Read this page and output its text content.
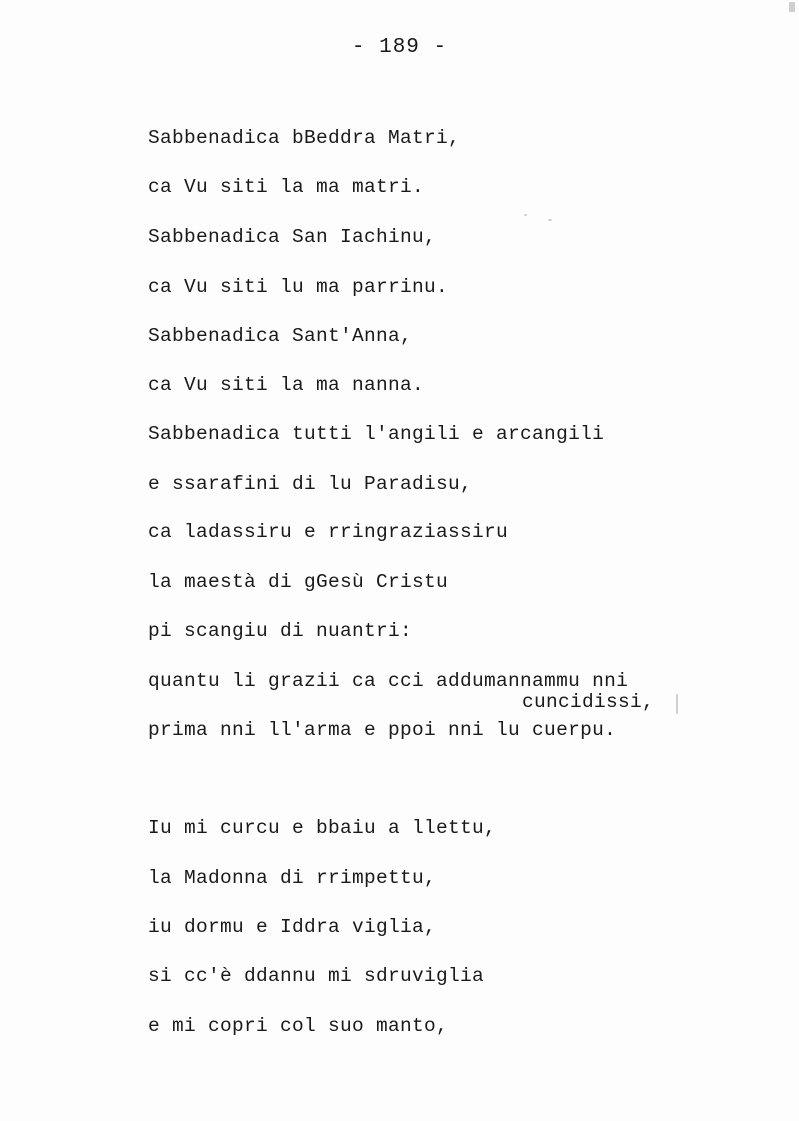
- 189 -
Sabbenadica bBeddra Matri,
ca Vu siti la ma matri.
Sabbenadica San Iachinu,
ca Vu siti lu ma parrinu.
Sabbenadica Sant'Anna,
ca Vu siti la ma nanna.
Sabbenadica tutti l'angili e arcangili
e ssarafini di lu Paradisu,
ca ladassiru e rringraziassiru
la maestà di gGesù Cristu
pi scangiu di nuantri:
quantu li grazii ca cci addumannammu nni
cuncidissi,
prima nni ll'arma e ppoi nni lu cuerpu.
Iu mi curcu e bbaiu a llettu,
la Madonna di rrimpettu,
iu dormu e Iddra viglia,
si cc'è ddannu mi sdruviglia
e mi copri col suo manto,
